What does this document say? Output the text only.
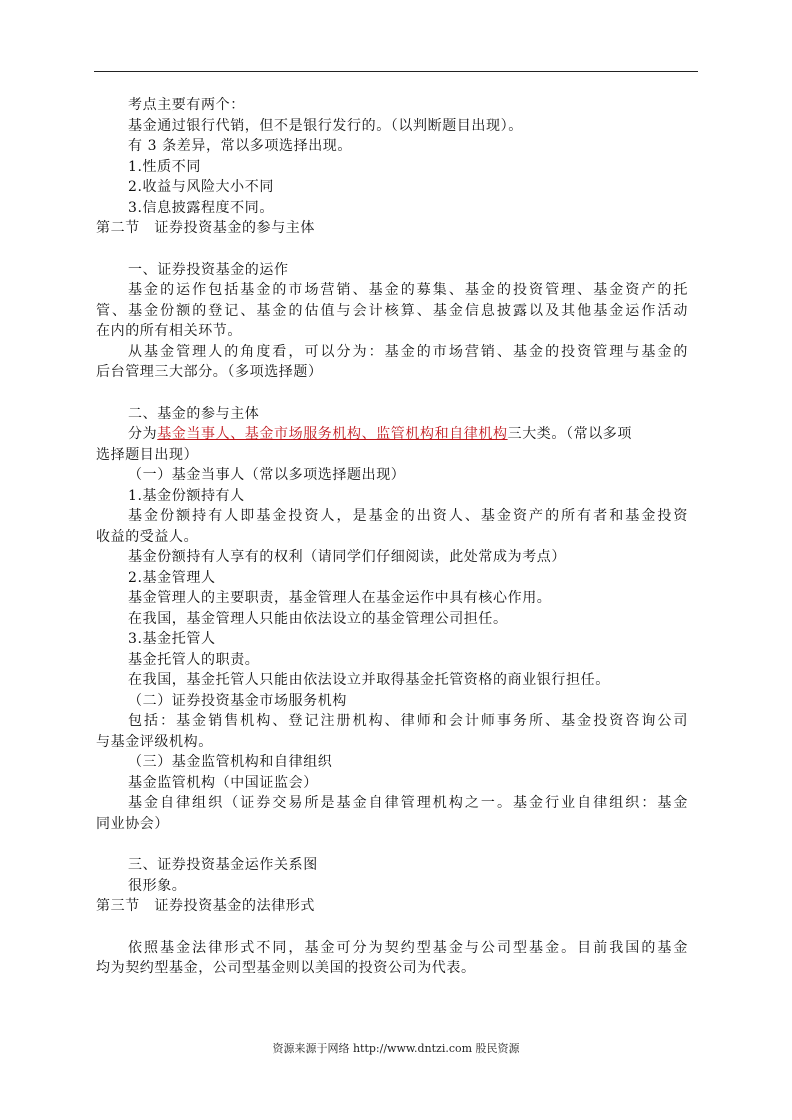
考点主要有两个：
基金通过银行代销，但不是银行发行的。（以判断题目出现）。
有 3 条差异，常以多项选择出现。
1.性质不同
2.收益与风险大小不同
3.信息披露程度不同。
第二节　证券投资基金的参与主体
一、证券投资基金的运作
基金的运作包括基金的市场营销、基金的募集、基金的投资管理、基金资产的托
管、基金份额的登记、基金的估值与会计核算、基金信息披露以及其他基金运作活动
在内的所有相关环节。
从基金管理人的角度看，可以分为：基金的市场营销、基金的投资管理与基金的
后台管理三大部分。（多项选择题）
二、基金的参与主体
分为基金当事人、基金市场服务机构、监管机构和自律机构三大类。（常以多项
选择题目出现）
（一）基金当事人（常以多项选择题出现）
1.基金份额持有人
基金份额持有人即基金投资人，是基金的出资人、基金资产的所有者和基金投资
收益的受益人。
基金份额持有人享有的权利（请同学们仔细阅读，此处常成为考点）
2.基金管理人
基金管理人的主要职责，基金管理人在基金运作中具有核心作用。
在我国，基金管理人只能由依法设立的基金管理公司担任。
3.基金托管人
基金托管人的职责。
在我国，基金托管人只能由依法设立并取得基金托管资格的商业银行担任。
（二）证券投资基金市场服务机构
包括：基金销售机构、登记注册机构、律师和会计师事务所、基金投资咨询公司
与基金评级机构。
（三）基金监管机构和自律组织
基金监管机构（中国证监会）
基金自律组织（证券交易所是基金自律管理机构之一。基金行业自律组织：基金
同业协会）
三、证券投资基金运作关系图
很形象。
第三节　证券投资基金的法律形式
依照基金法律形式不同，基金可分为契约型基金与公司型基金。目前我国的基金
均为契约型基金，公司型基金则以美国的投资公司为代表。
资源来源于网络 http://www.dntzi.com 股民资源
